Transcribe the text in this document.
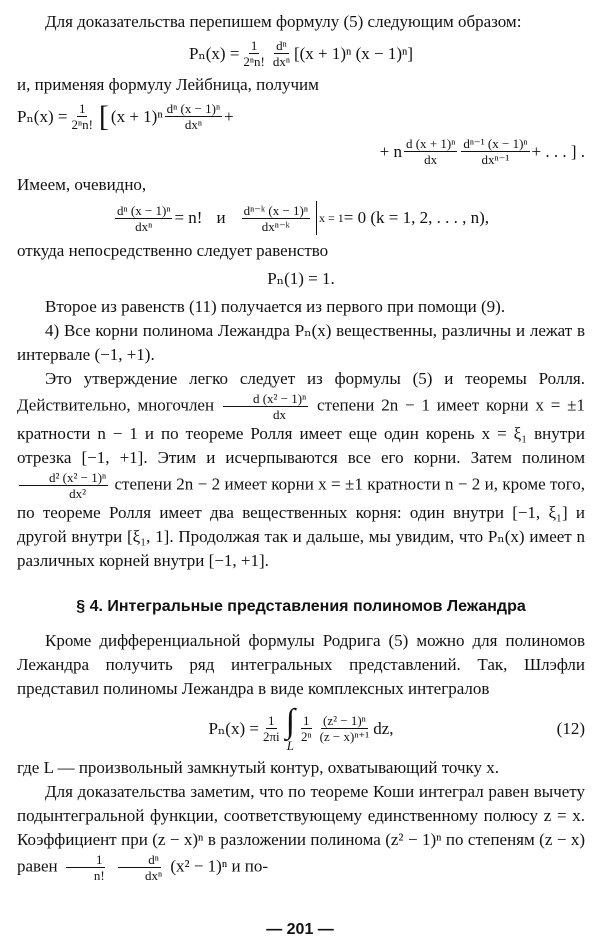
Для доказательства перепишем формулу (5) следующим образом:

$P_n(x) = \frac{1}{\text{2ⁿn!}} \frac{\text{dⁿ}}{\text{dxⁿ}} [(x + 1)^n$ (x − 1)ⁿ]

и, применяя формулу Лейбница, получим

$P_n(x) = \frac{1}{\text{2ⁿn!}}$ [ $(x + 1)^n \frac{\text{dⁿ (x − 1)ⁿ}}{\text{dxⁿ}}$ +
+ n $\frac{\text{d (x + 1)ⁿ}}{dx} \frac{\text{dⁿ⁻¹ (x − 1)ⁿ}}{\text{dxⁿ⁻¹}}$ + . . . ] .

Имеем, очевидно,

$\frac{\text{dⁿ (x − 1)ⁿ}}{\text{dxⁿ}} = n$! и $\frac{\text{dⁿ⁻ᵏ (x − 1)ⁿ}}{\text{dxⁿ⁻ᵏ}}$ x = 1 = 0 (k = 1, 2, . . . , n),

откуда непосредственно следует равенство

Pₙ(1) = 1.

Второе из равенств (11) получается из первого при помощи (9).

4) Все корни полинома Лежандра Pₙ(x) вещественны, различны и лежат в интервале (−1, +1).

Это утверждение легко следует из формулы (5) и теоремы Ролля. Действительно, многочлен $\frac{\text{d (x² − 1)ⁿ}}{dx}$ степени 2n − 1 имеет корни x = ±1 кратности n − 1 и по теореме Ролля имеет еще один корень x = ξ₁ внутри отрезка [−1, +1]. Этим и исчерпываются все его корни. Затем полином
$\frac{\text{d² (x² − 1)ⁿ}}{\text{dx²}}$ степени 2n − 2 имеет корни x = ±1 кратности n − 2 и, кроме того, по теореме Ролля имеет два вещественных корня: один внутри [−1, ξ₁] и другой внутри [ξ₁, 1]. Продолжая так и дальше, мы увидим, что Pₙ(x) имеет n различных корней внутри [−1, +1].

§ 4. Интегральные представления полиномов Лежандра

Кроме дифференциальной формулы Родрига (5) можно для полиномов Лежандра получить ряд интегральных представлений. Так, Шлэфли представил полиномы Лежандра в виде комплексных интегралов

$P_n(x) = \frac{1}{2\pi i}$ ∫
L
$\frac{1}{\text{2ⁿ}} \frac{\text{(z² − 1)ⁿ}}{\text{(z − x)ⁿ⁺¹}}$ dz,	(12)

где L — произвольный замкнутый контур, охватывающий точку x.

Для доказательства заметим, что по теореме Коши интеграл равен вычету подынтегральной функции, соответствующему единственному полюсу z = x. Коэффициент при (z − x)ⁿ в разложении полинома (z² − 1)ⁿ по степеням (z − x) равен $\frac{1}{n!}$
$\frac{\text{dⁿ}}{\text{dxⁿ}} (x^2 - 1)^n$ и по-

— 201 —
